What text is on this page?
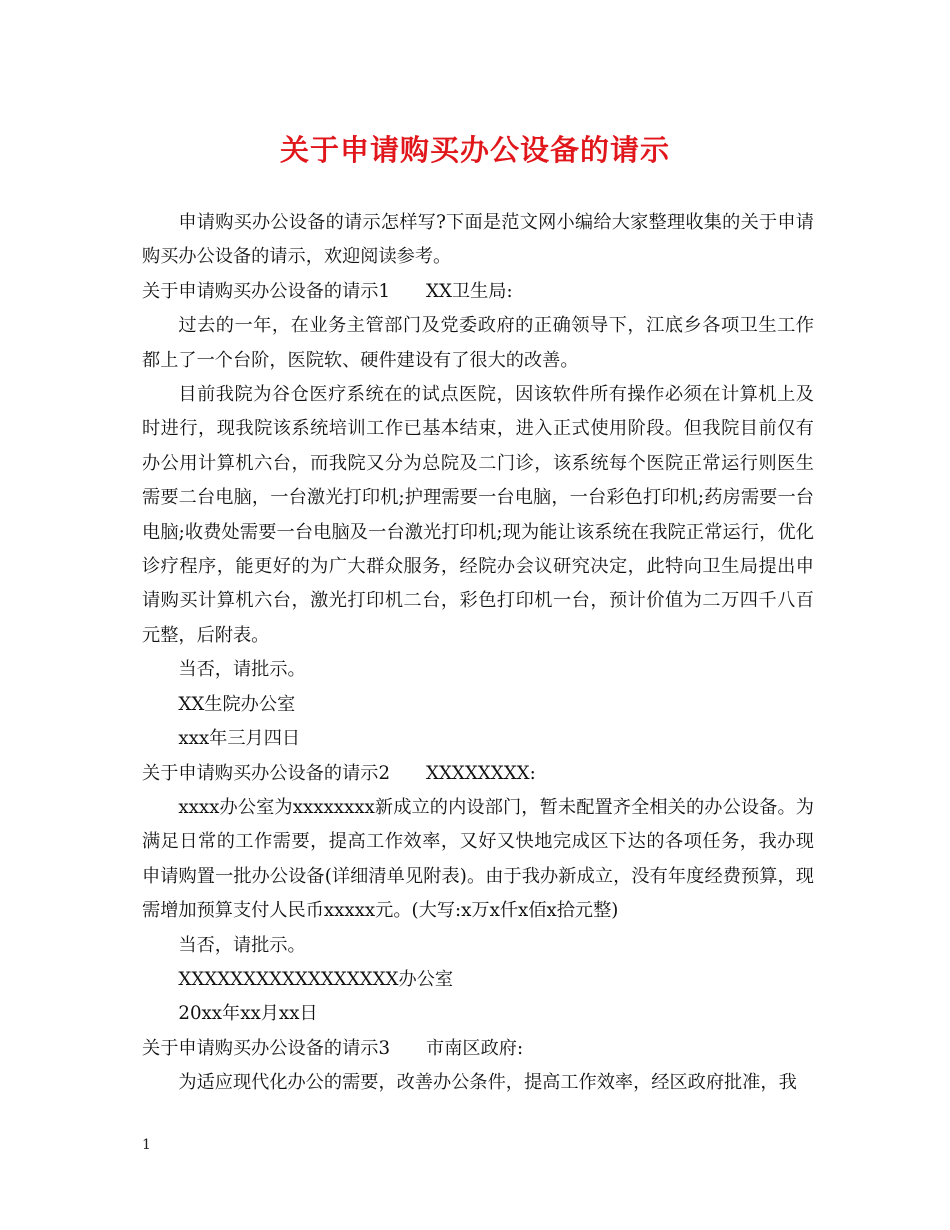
关于申请购买办公设备的请示

申请购买办公设备的请示怎样写?下面是范文网小编给大家整理收集的关于申请购买办公设备的请示，欢迎阅读参考。

关于申请购买办公设备的请示1 XX卫生局:

过去的一年，在业务主管部门及党委政府的正确领导下，江底乡各项卫生工作都上了一个台阶，医院软、硬件建设有了很大的改善。

目前我院为谷仓医疗系统在的试点医院，因该软件所有操作必须在计算机上及时进行，现我院该系统培训工作已基本结束，进入正式使用阶段。但我院目前仅有办公用计算机六台，而我院又分为总院及二门诊，该系统每个医院正常运行则医生需要二台电脑，一台激光打印机;护理需要一台电脑，一台彩色打印机;药房需要一台电脑;收费处需要一台电脑及一台激光打印机;现为能让该系统在我院正常运行，优化诊疗程序，能更好的为广大群众服务，经院办会议研究决定，此特向卫生局提出申请购买计算机六台，激光打印机二台，彩色打印机一台，预计价值为二万四千八百元整，后附表。

当否，请批示。

XX生院办公室

xxx年三月四日

关于申请购买办公设备的请示2 XXXXXXXX:

xxxx办公室为xxxxxxxx新成立的内设部门，暂未配置齐全相关的办公设备。为满足日常的工作需要，提高工作效率，又好又快地完成区下达的各项任务，我办现申请购置一批办公设备(详细清单见附表)。由于我办新成立，没有年度经费预算，现需增加预算支付人民币xxxxx元。(大写:x万x仟x佰x拾元整)

当否，请批示。

XXXXXXXXXXXXXXXXX办公室

20xx年xx月xx日

关于申请购买办公设备的请示3 市南区政府:

为适应现代化办公的需要，改善办公条件，提高工作效率，经区政府批准，我

1
